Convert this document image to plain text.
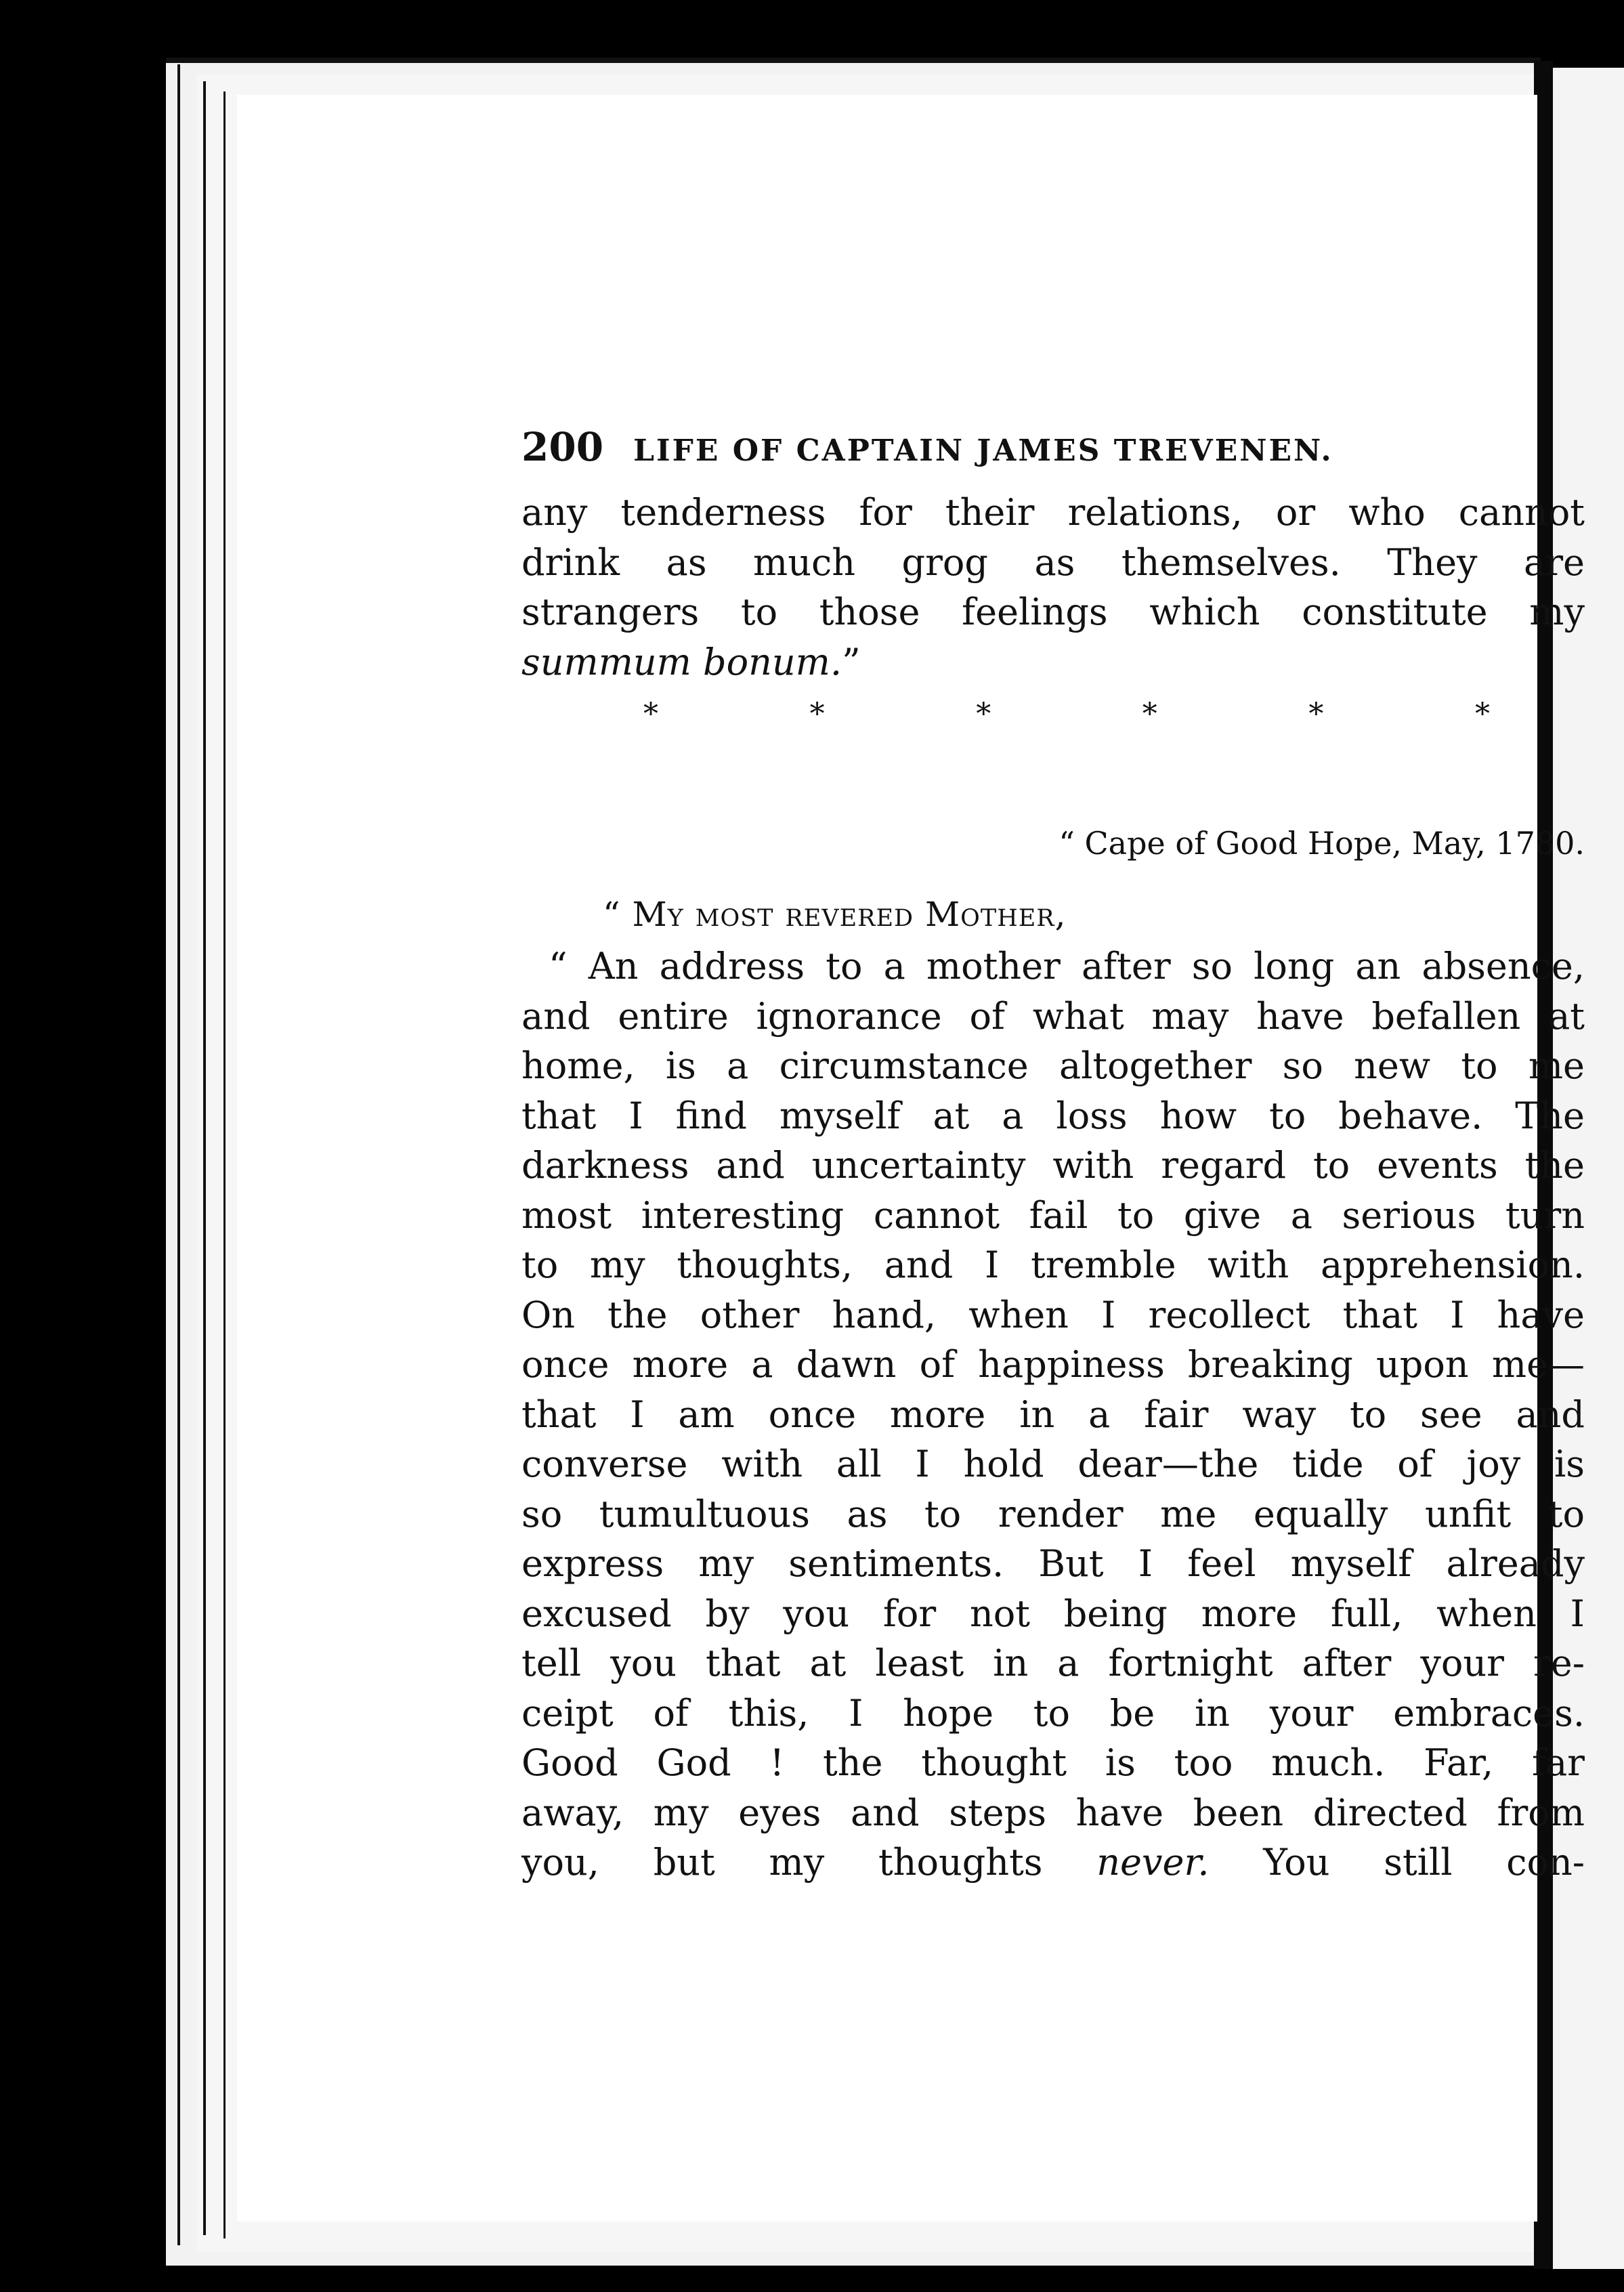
200 LIFE OF CAPTAIN JAMES TREVENEN.
any tenderness for their relations, or who cannot
drink as much grog as themselves. They are
strangers to those feelings which constitute my
summum bonum.”
*	*	*	*	*	*
“ Cape of Good Hope, May, 1780.
“ My most revered Mother,
“ An address to a mother after so long an absence,
and entire ignorance of what may have befallen at
home, is a circumstance altogether so new to me
that I find myself at a loss how to behave. The
darkness and uncertainty with regard to events the
most interesting cannot fail to give a serious turn
to my thoughts, and I tremble with apprehension.
On the other hand, when I recollect that I have
once more a dawn of happiness breaking upon me—
that I am once more in a fair way to see and
converse with all I hold dear—the tide of joy is
so tumultuous as to render me equally unfit to
express my sentiments. But I feel myself already
excused by you for not being more full, when I
tell you that at least in a fortnight after your re-
ceipt of this, I hope to be in your embraces.
Good God ! the thought is too much. Far, far
away, my eyes and steps have been directed from
you, but my thoughts never. You still con-
